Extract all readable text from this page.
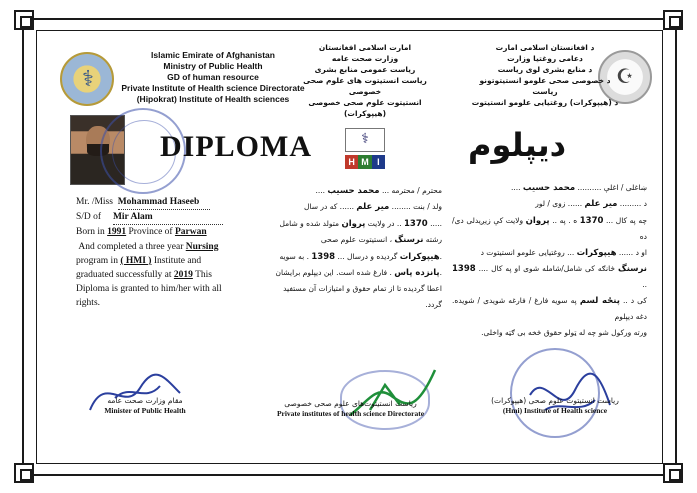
⚕	☪
Islamic Emirate of Afghanistan
Ministry of Public Health
GD of human resource
Private Institute of Health science Directorate
(Hipokrat) Institute of Health sciences
امارت اسلامی افغانستان
وزارت صحت عامه
ریاست عمومی منابع بشری
ریاست انستیتوت های علوم صحی خصوصی
انستیتوت علوم صحی خصوصی (هیپوکرات)
د افغانستان اسلامی امارت
دعامی روغتیا وزارت
د منابع بشری لوی ریاست
د خصوصی صحی علومو انستیتوتونو ریاست
د (هیپوکرات) روغتیایی علومو انستیتوت
DIPLOMA	دیپلوم
⚕
H M I
Mr. /Miss Mohammad Haseeb
S/D of Mir Alam
Born in 1991 Province of Parwan
And completed a three year Nursing
program in ( HMI ) Institute and
graduated successfully at 2019 This
Diploma is granted to him/her with all
rights.
محترم / محترمه ... محمد حسیب ....
ولد / بنت ........ میر علم ...... که در سال
..... 1370 .. در ولایت پروان متولد شده و شامل
رشته نرسنگ ، انستیتوت علوم صحی
.هیپوکرات گردیده و درسال ... 1398 . به سویه
.پانزده پاس . فارغ شده است. این دیپلوم برایشان
اعطا گردیده تا از تمام حقوق و امتیازات آن مستفید
گردد.
ښاغلی / اغلې .......... محمد حسیب ....
د ......... میر علم ...... زوی / لور
چه په کال ... 1370 ه . په .. پروان ولایت کې زیږیدلی دی/ده
او د ...... هیپوکرات ... روغتیایی علومو انستیتوت د
نرسنگ څانګه کی شامل/شامله شوی او په کال .... 1398 ..
کی د .. پنځه لسم په سویه فارغ / فارغه شویدی / شویده. دغه دیپلوم
ورته ورکول شو چه له ټولو حقوق څخه بی ګټه واخلی.
مقام وزارت صحت عامه
Minister of Public Health
ریاست انستیتوت‌های علوم صحی خصوصی
Private institutes of health science Directorate
ریاست انستیتوت علوم صحی (هیپوکرات)
(Hmi) Institute of Health science
